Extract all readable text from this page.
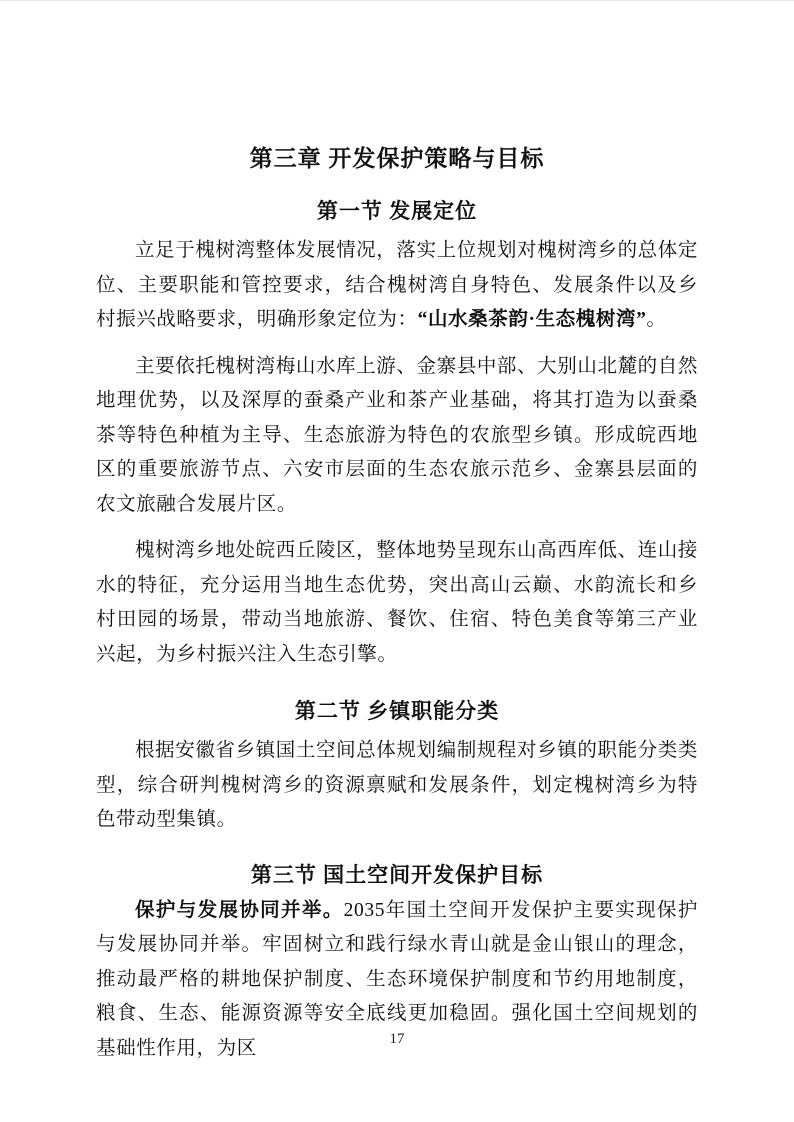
第三章 开发保护策略与目标
第一节 发展定位

立足于槐树湾整体发展情况，落实上位规划对槐树湾乡的总体定位、主要职能和管控要求，结合槐树湾自身特色、发展条件以及乡村振兴战略要求，明确形象定位为：“山水桑茶韵·生态槐树湾”。

主要依托槐树湾梅山水库上游、金寨县中部、大别山北麓的自然地理优势，以及深厚的蚕桑产业和茶产业基础，将其打造为以蚕桑茶等特色种植为主导、生态旅游为特色的农旅型乡镇。形成皖西地区的重要旅游节点、六安市层面的生态农旅示范乡、金寨县层面的农文旅融合发展片区。

槐树湾乡地处皖西丘陵区，整体地势呈现东山高西库低、连山接水的特征，充分运用当地生态优势，突出高山云巅、水韵流长和乡村田园的场景，带动当地旅游、餐饮、住宿、特色美食等第三产业兴起，为乡村振兴注入生态引擎。

第二节 乡镇职能分类

根据安徽省乡镇国土空间总体规划编制规程对乡镇的职能分类类型，综合研判槐树湾乡的资源禀赋和发展条件，划定槐树湾乡为特色带动型集镇。

第三节 国土空间开发保护目标

保护与发展协同并举。2035年国土空间开发保护主要实现保护与发展协同并举。牢固树立和践行绿水青山就是金山银山的理念，推动最严格的耕地保护制度、生态环境保护制度和节约用地制度，粮食、生态、能源资源等安全底线更加稳固。强化国土空间规划的基础性作用，为区	17
